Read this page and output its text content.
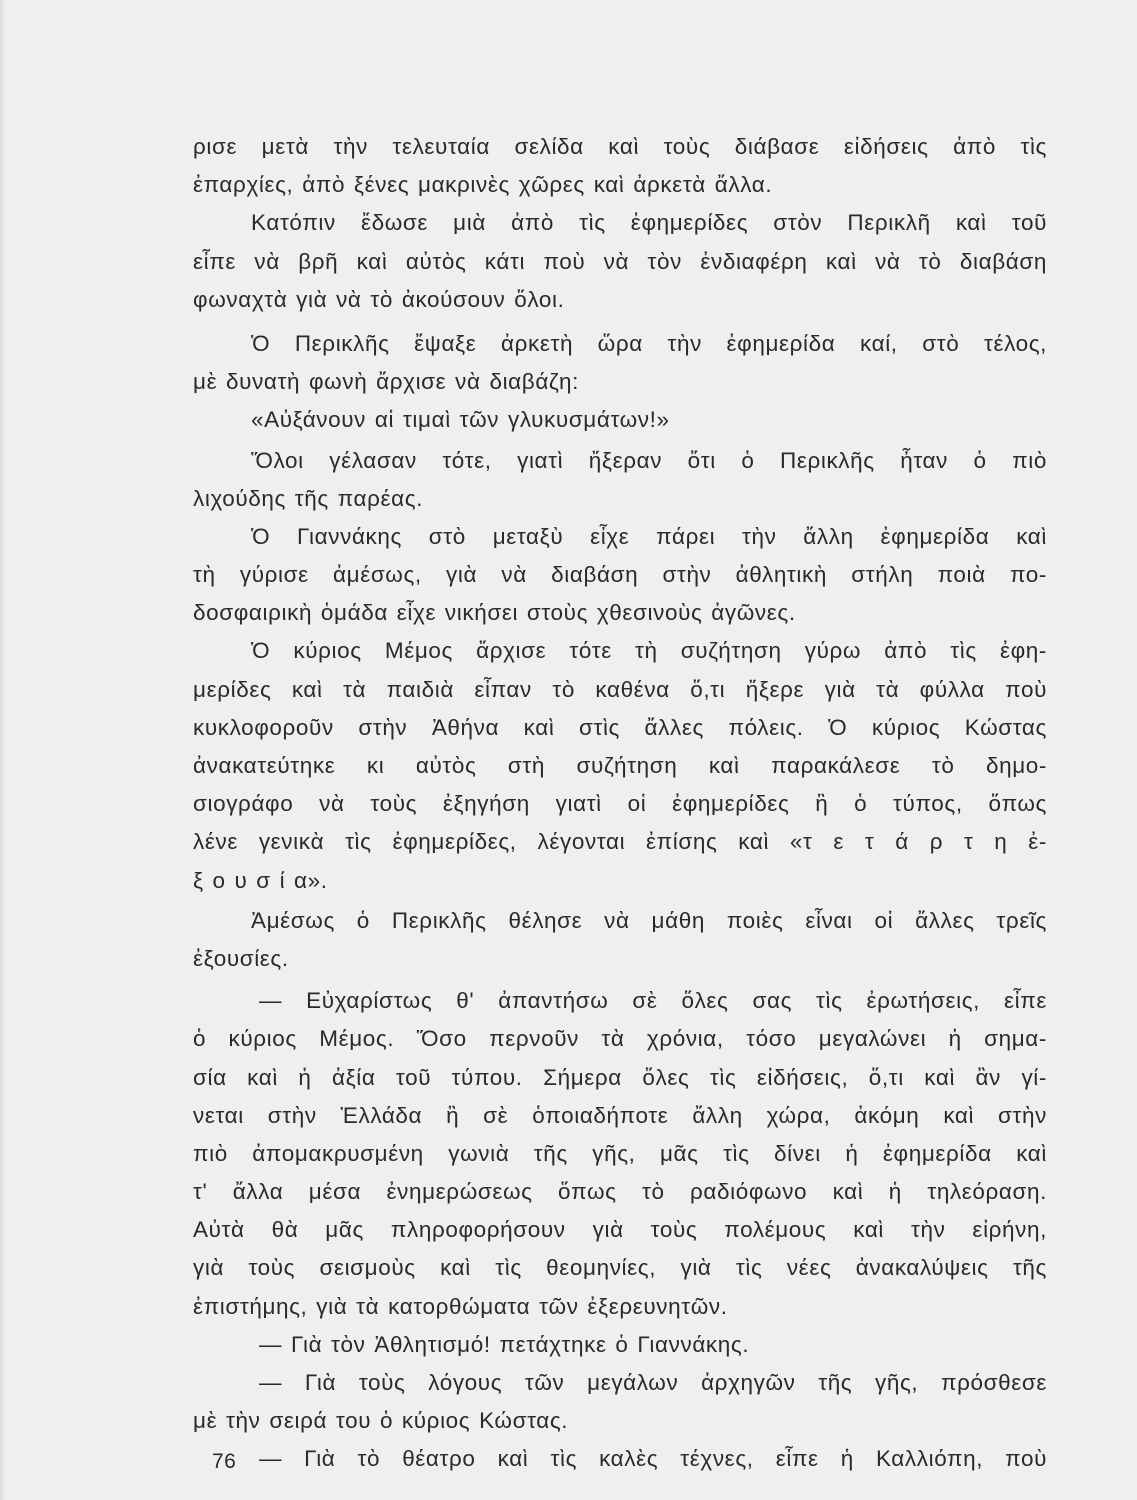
ρισε μετὰ τὴν τελευταία σελίδα καὶ τοὺς διάβασε εἰδήσεις ἀπὸ τὶς
ἐπαρχίες, ἀπὸ ξένες μακρινὲς χῶρες καὶ ἀρκετὰ ἄλλα.
Κατόπιν ἔδωσε μιὰ ἀπὸ τὶς ἐφημερίδες στὸν Περικλῆ καὶ τοῦ
εἶπε νὰ βρῆ καὶ αὐτὸς κάτι ποὺ νὰ τὸν ἐνδιαφέρη καὶ νὰ τὸ διαβάση
φωναχτὰ γιὰ νὰ τὸ ἀκούσουν ὅλοι.
Ὁ Περικλῆς ἔψαξε ἀρκετὴ ὥρα τὴν ἐφημερίδα καί, στὸ τέλος,
μὲ δυνατὴ φωνὴ ἄρχισε νὰ διαβάζη:
«Αὐξάνουν αἱ τιμαὶ τῶν γλυκυσμάτων!»
Ὅλοι γέλασαν τότε, γιατὶ ἤξεραν ὅτι ὁ Περικλῆς ἦταν ὁ πιὸ
λιχούδης τῆς παρέας.
Ὁ Γιαννάκης στὸ μεταξὺ εἶχε πάρει τὴν ἄλλη ἐφημερίδα καὶ
τὴ γύρισε ἀμέσως, γιὰ νὰ διαβάση στὴν ἀθλητικὴ στήλη ποιὰ πο-
δοσφαιρικὴ ὁμάδα εἶχε νικήσει στοὺς χθεσινοὺς ἀγῶνες.
Ὁ κύριος Μέμος ἄρχισε τότε τὴ συζήτηση γύρω ἀπὸ τὶς ἐφη-
μερίδες καὶ τὰ παιδιὰ εἶπαν τὸ καθένα ὅ,τι ἤξερε γιὰ τὰ φύλλα ποὺ
κυκλοφοροῦν στὴν Ἀθήνα καὶ στὶς ἄλλες πόλεις. Ὁ κύριος Κώστας
ἀνακατεύτηκε κι αὐτὸς στὴ συζήτηση καὶ παρακάλεσε τὸ δημο-
σιογράφο νὰ τοὺς ἐξηγήση γιατὶ οἱ ἐφημερίδες ἢ ὁ τύπος, ὅπως
λένε γενικὰ τὶς ἐφημερίδες, λέγονται ἐπίσης καὶ «τ ε τ ά ρ τ η ἐ-
ξ ο υ σ ί α».
Ἀμέσως ὁ Περικλῆς θέλησε νὰ μάθη ποιὲς εἶναι οἱ ἄλλες τρεῖς
ἐξουσίες.
— Εὐχαρίστως θ' ἀπαντήσω σὲ ὅλες σας τὶς ἐρωτήσεις, εἶπε
ὁ κύριος Μέμος. Ὅσο περνοῦν τὰ χρόνια, τόσο μεγαλώνει ἡ σημα-
σία καὶ ἡ ἀξία τοῦ τύπου. Σήμερα ὅλες τὶς εἰδήσεις, ὅ,τι καὶ ἂν γί-
νεται στὴν Ἑλλάδα ἢ σὲ ὁποιαδήποτε ἄλλη χώρα, ἀκόμη καὶ στὴν
πιὸ ἀπομακρυσμένη γωνιὰ τῆς γῆς, μᾶς τὶς δίνει ἡ ἐφημερίδα καὶ
τ' ἄλλα μέσα ἐνημερώσεως ὅπως τὸ ραδιόφωνο καὶ ἡ τηλεόραση.
Αὐτὰ θὰ μᾶς πληροφορήσουν γιὰ τοὺς πολέμους καὶ τὴν εἰρήνη,
γιὰ τοὺς σεισμοὺς καὶ τὶς θεομηνίες, γιὰ τὶς νέες ἀνακαλύψεις τῆς
ἐπιστήμης, γιὰ τὰ κατορθώματα τῶν ἐξερευνητῶν.
— Γιὰ τὸν Ἀθλητισμό! πετάχτηκε ὁ Γιαννάκης.
— Γιὰ τοὺς λόγους τῶν μεγάλων ἀρχηγῶν τῆς γῆς, πρόσθεσε
μὲ τὴν σειρά του ὁ κύριος Κώστας.
— Γιὰ τὸ θέατρο καὶ τὶς καλὲς τέχνες, εἶπε ἡ Καλλιόπη, ποὺ
76
